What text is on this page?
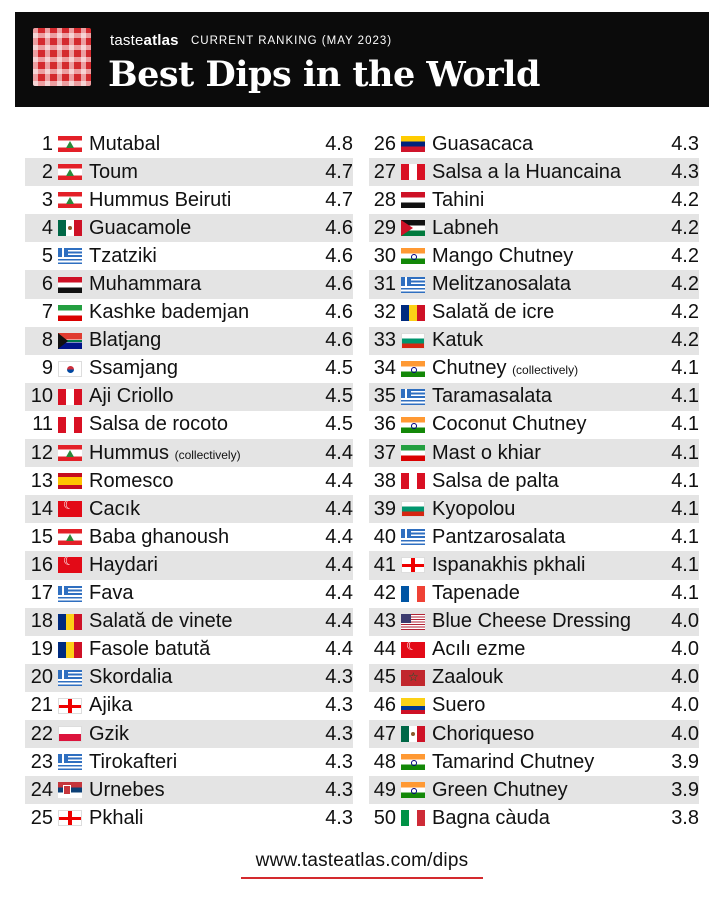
tasteatlas CURRENT RANKING (MAY 2023)
Best Dips in the World
1 Mutabal	4.8
2 Toum	4.7
3 Hummus Beiruti	4.7
4 Guacamole	4.6
5 Tzatziki	4.6
6 Muhammara	4.6
7 Kashke bademjan	4.6
8 Blatjang	4.6
9 Ssamjang	4.5
10 Aji Criollo	4.5
11 Salsa de rocoto	4.5
12 Hummus (collectively)	4.4
13 Romesco	4.4
14 ☾ Cacık	4.4
15 Baba ghanoush	4.4
16 ☾ Haydari	4.4
17 Fava	4.4
18 Salată de vinete	4.4
19 Fasole batută	4.4
20 Skordalia	4.3
21 Ajika	4.3
22 Gzik	4.3
23 Tirokafteri	4.3
24 Urnebes	4.3
25 Pkhali	4.3
26 Guasacaca	4.3
27 Salsa a la Huancaina	4.3
28 Tahini	4.2
29 Labneh	4.2
30 Mango Chutney	4.2
31 Melitzanosalata	4.2
32 Salată de icre	4.2
33 Katuk	4.2
34 Chutney (collectively)	4.1
35 Taramasalata	4.1
36 Coconut Chutney	4.1
37 Mast o khiar	4.1
38 Salsa de palta	4.1
39 Kyopolou	4.1
40 Pantzarosalata	4.1
41 Ispanakhis pkhali	4.1
42 Tapenade	4.1
43 Blue Cheese Dressing	4.0
44 ☾ Acılı ezme	4.0
45 ☆ Zaalouk	4.0
46 Suero	4.0
47 Choriqueso	4.0
48 Tamarind Chutney	3.9
49 Green Chutney	3.9
50 Bagna càuda	3.8
www.tasteatlas.com/dips
